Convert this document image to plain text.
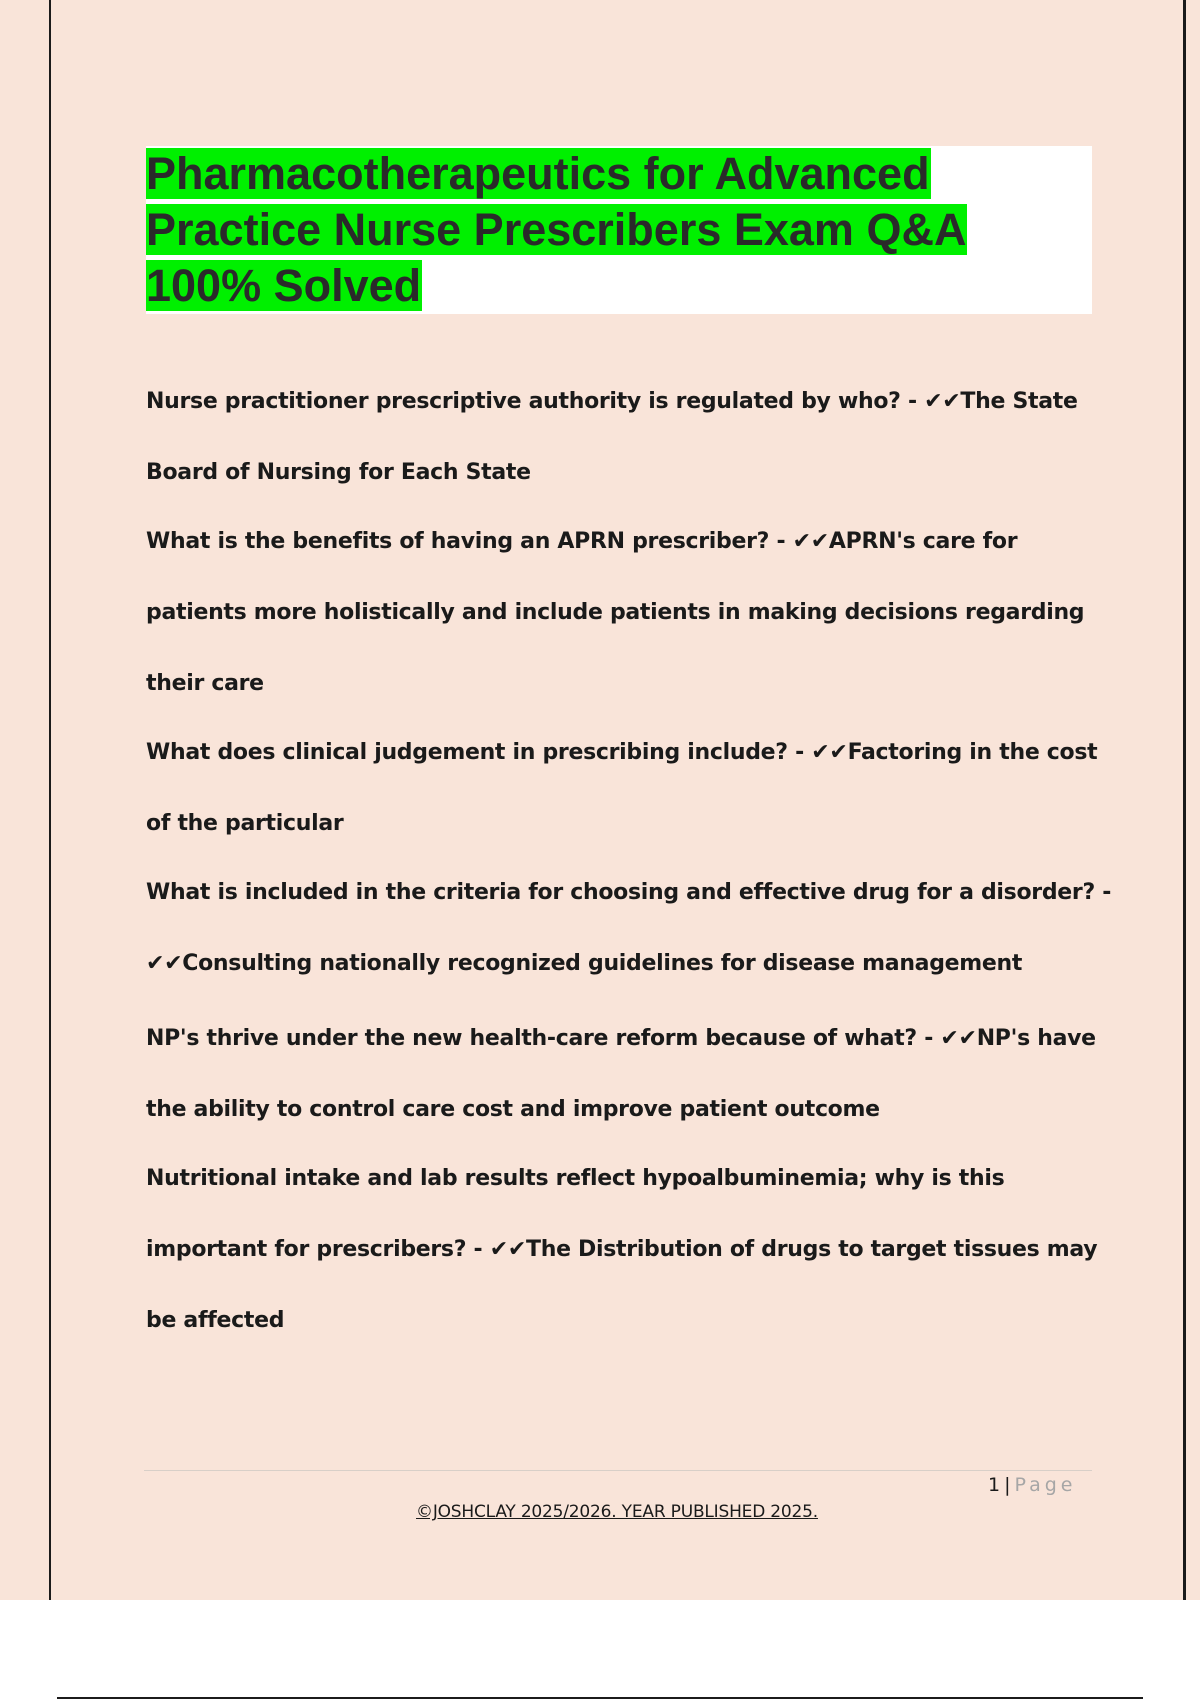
Pharmacotherapeutics for Advanced
Practice Nurse Prescribers Exam Q&A
100% Solved
Nurse practitioner prescriptive authority is regulated by who? - ✔✔The State
Board of Nursing for Each State
What is the benefits of having an APRN prescriber? - ✔✔APRN's care for
patients more holistically and include patients in making decisions regarding
their care
What does clinical judgement in prescribing include? - ✔✔Factoring in the cost
of the particular
What is included in the criteria for choosing and effective drug for a disorder? -
✔✔Consulting nationally recognized guidelines for disease management
NP's thrive under the new health-care reform because of what? - ✔✔NP's have
the ability to control care cost and improve patient outcome
Nutritional intake and lab results reflect hypoalbuminemia; why is this
important for prescribers? - ✔✔The Distribution of drugs to target tissues may
be affected
1 | Page
©JOSHCLAY 2025/2026. YEAR PUBLISHED 2025.
